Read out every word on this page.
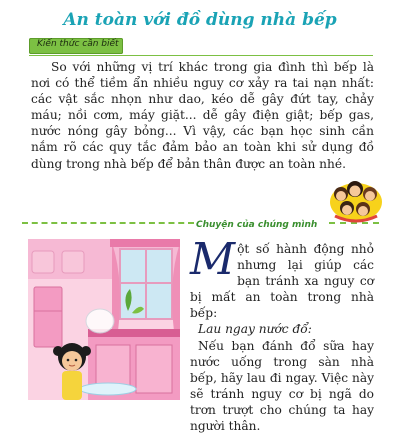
An toàn với đồ dùng nhà bếp
Kiến thức cần biết

So với những vị trí khác trong gia đình thì bếp là nơi có thể tiềm ẩn nhiều nguy cơ xảy ra tai nạn nhất: các vật sắc nhọn như dao, kéo dễ gây đứt tay, chảy máu; nồi cơm, máy giặt... dễ gây điện giật; bếp gas, nước nóng gây bỏng... Vì vậy, các bạn học sinh cần nắm rõ các quy tắc đảm bảo an toàn khi sử dụng đồ dùng trong nhà bếp để bản thân được an toàn nhé.

Chuyện của chúng mình

Một số hành động nhỏ nhưng lại giúp các bạn tránh xa nguy cơ bị mất an toàn trong nhà bếp:

Lau ngay nước đổ:

Nếu bạn đánh đổ sữa hay nước uống trong sàn nhà bếp, hãy lau đi ngay. Việc này sẽ tránh nguy cơ bị ngã do trơn trượt cho chúng ta hay người thân.
